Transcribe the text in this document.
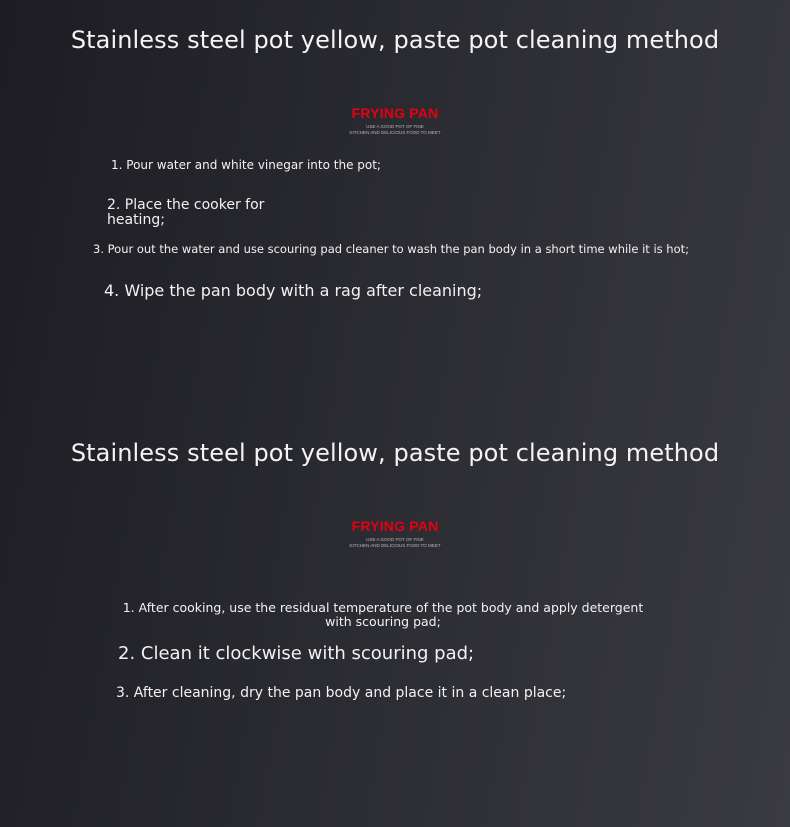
Stainless steel pot yellow, paste pot cleaning method
FRYING PAN
USE A GOOD POT OF FINE
KITCHEN AND DELICIOUS FOOD TO MEET
1. Pour water and white vinegar into the pot;
2. Place the cooker for heating;
3. Pour out the water and use scouring pad cleaner to wash the pan body in a short time while it is hot;
4. Wipe the pan body with a rag after cleaning;
Stainless steel pot yellow, paste pot cleaning method
FRYING PAN
USE A GOOD POT OF FINE
KITCHEN AND DELICIOUS FOOD TO MEET
1. After cooking, use the residual temperature of the pot body and apply detergent with scouring pad;
2. Clean it clockwise with scouring pad;
3. After cleaning, dry the pan body and place it in a clean place;
